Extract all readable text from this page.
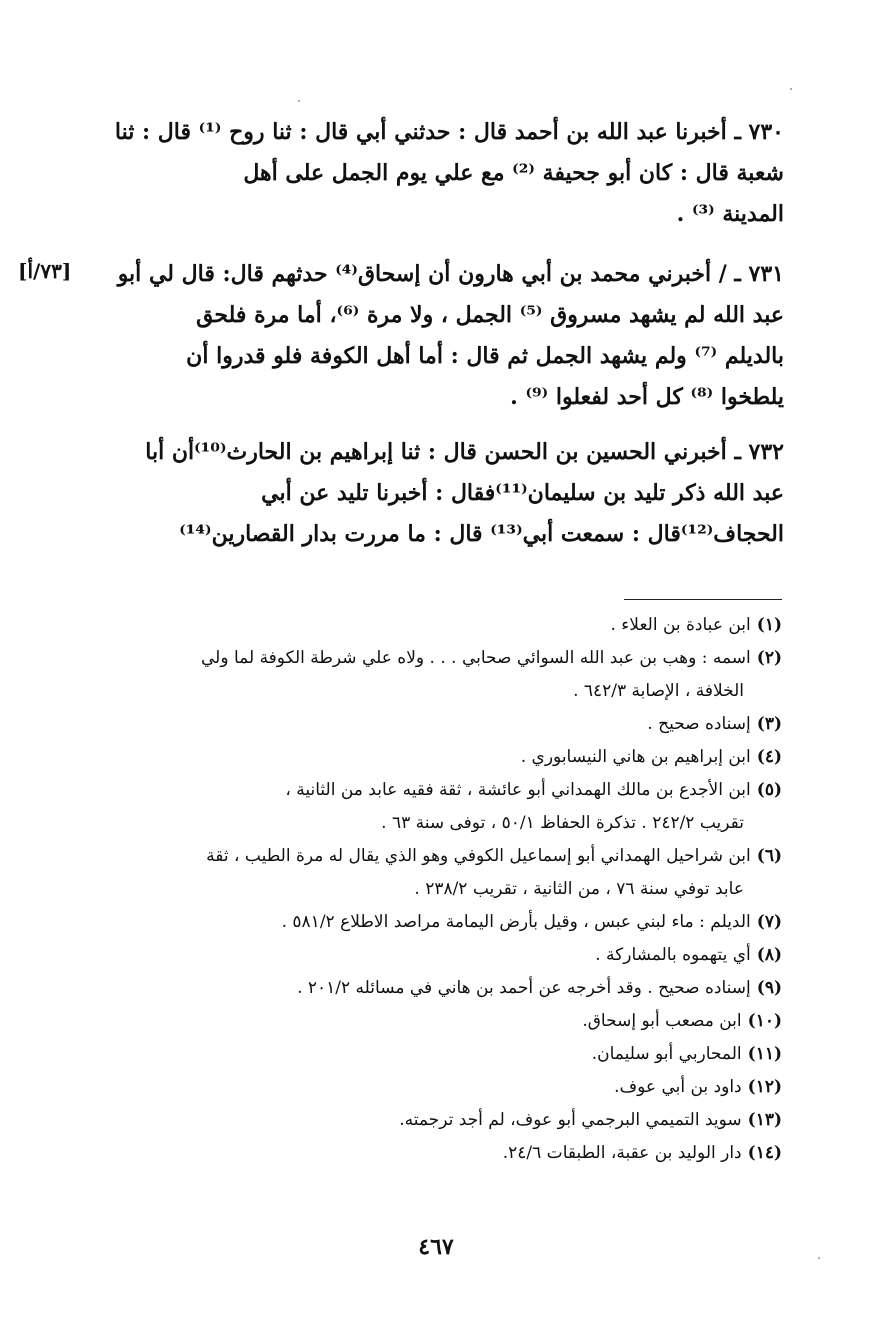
[٧٣/أ]
٧٣٠ ـ أخبرنا عبد الله بن أحمد قال : حدثني أبي قال : ثنا روح ⁽¹⁾ قال : ثنا
شعبة قال : كان أبو جحيفة ⁽²⁾ مع علي يوم الجمل على أهل
المدينة ⁽³⁾ .
٧٣١ ـ / أخبرني محمد بن أبي هارون أن إسحاق⁽⁴⁾ حدثهم قال: قال لي أبو
عبد الله لم يشهد مسروق ⁽⁵⁾ الجمل ، ولا مرة ⁽⁶⁾، أما مرة فلحق
بالديلم ⁽⁷⁾ ولم يشهد الجمل ثم قال : أما أهل الكوفة فلو قدروا أن
يلطخوا ⁽⁸⁾ كل أحد لفعلوا ⁽⁹⁾ .
٧٣٢ ـ أخبرني الحسين بن الحسن قال : ثنا إبراهيم بن الحارث⁽¹⁰⁾أن أبا
عبد الله ذكر تليد بن سليمان⁽¹¹⁾فقال : أخبرنا تليد عن أبي
الحجاف⁽¹²⁾قال : سمعت أبي⁽¹³⁾ قال : ما مررت بدار القصارين⁽¹⁴⁾

(١)ابن عبادة بن العلاء .

(٢)اسمه : وهب بن عبد الله السوائي صحابي . . . ولاه علي شرطة الكوفة لما ولي

الخلافة ، الإصابة ٦٤٢/٣ .

(٣)إسناده صحيح .

(٤)ابن إبراهيم بن هاني النيسابوري .

(٥)ابن الأجدع بن مالك الهمداني أبو عائشة ، ثقة فقيه عابد من الثانية ،

تقريب ٢٤٢/٢ . تذكرة الحفاظ ٥٠/١ ، توفى سنة ٦٣ .

(٦)ابن شراحيل الهمداني أبو إسماعيل الكوفي وهو الذي يقال له مرة الطيب ، ثقة

عابد توفي سنة ٧٦ ، من الثانية ، تقريب ٢٣٨/٢ .

(٧)الديلم : ماء لبني عبس ، وقيل بأرض اليمامة مراصد الاطلاع ٥٨١/٢ .

(٨)أي يتهموه بالمشاركة .

(٩)إسناده صحيح . وقد أخرجه عن أحمد بن هاني في مسائله ٢٠١/٢ .

(١٠)ابن مصعب أبو إسحاق.

(١١)المحاربي أبو سليمان.

(١٢)داود بن أبي عوف.

(١٣)سويد التميمي البرجمي أبو عوف، لم أجد ترجمته.

(١٤)دار الوليد بن عقبة، الطبقات ٢٤/٦.

٤٦٧
